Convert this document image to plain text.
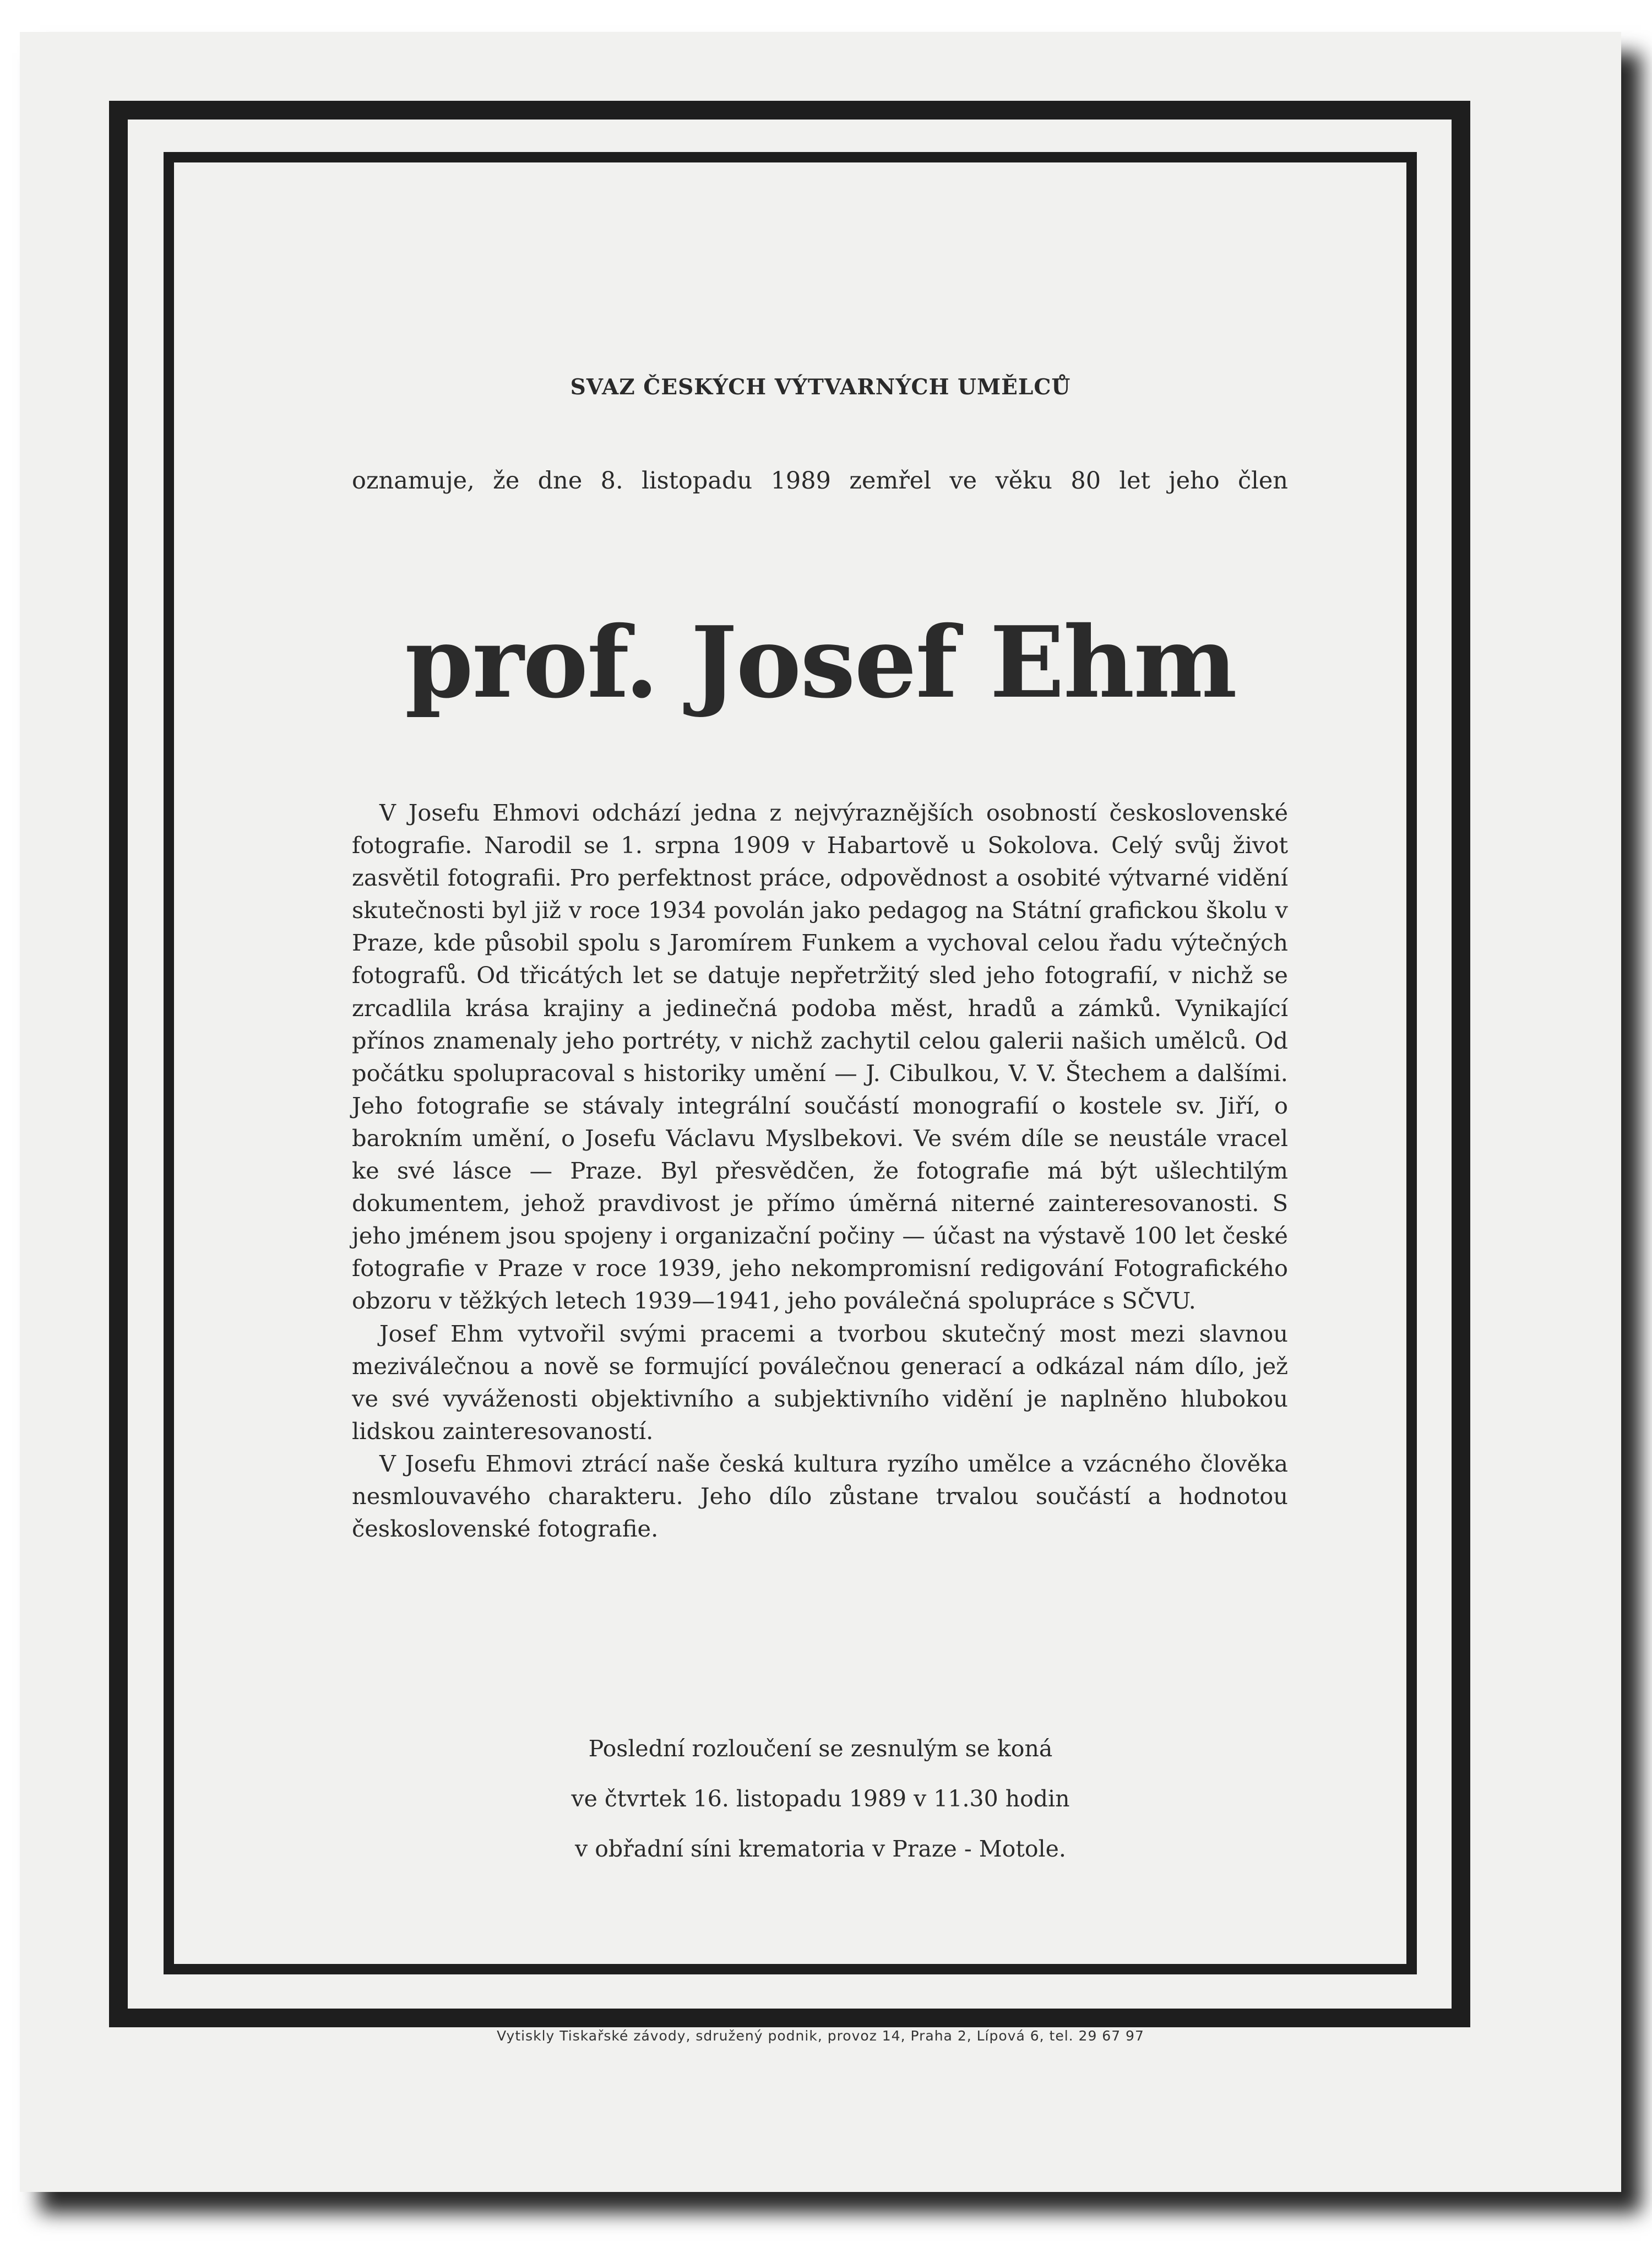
SVAZ ČESKÝCH VÝTVARNÝCH UMĚLCŮ
oznamuje, že dne 8. listopadu 1989 zemřel ve věku 80 let jeho člen
prof. Josef Ehm

V Josefu Ehmovi odchází jedna z nejvýraznějších osobností československé fotografie. Narodil se 1. srpna 1909 v Habartově u Sokolova. Celý svůj život zasvětil fotografii. Pro perfektnost práce, odpovědnost a osobité výtvarné vidění skutečnosti byl již v roce 1934 povolán jako pedagog na Státní grafickou školu v Praze, kde působil spolu s Jaromírem Funkem a vychoval celou řadu výtečných fotografů. Od třicátých let se datuje nepřetržitý sled jeho fotografií, v nichž se zrcadlila krása krajiny a jedinečná podoba měst, hradů a zámků. Vynikající přínos znamenaly jeho portréty, v nichž zachytil celou galerii našich umělců. Od počátku spolupracoval s historiky umění — J. Cibulkou, V. V. Štechem a dalšími. Jeho fotografie se stávaly integrální součástí monografií o kostele sv. Jiří, o barokním umění, o Josefu Václavu Myslbekovi. Ve svém díle se neustále vracel ke své lásce — Praze. Byl přesvědčen, že fotografie má být ušlechtilým dokumentem, jehož pravdivost je přímo úměrná niterné zainteresovanosti. S jeho jménem jsou spojeny i organizační počiny — účast na výstavě 100 let české fotografie v Praze v roce 1939, jeho nekompromisní redigování Fotografického obzoru v těžkých letech 1939—1941, jeho poválečná spolupráce s SČVU.

Josef Ehm vytvořil svými pracemi a tvorbou skutečný most mezi slavnou meziválečnou a nově se formující poválečnou generací a odkázal nám dílo, jež ve své vyváženosti objektivního a subjektivního vidění je naplněno hlubokou lidskou zainteresovaností.

V Josefu Ehmovi ztrácí naše česká kultura ryzího umělce a vzácného člověka nesmlouvavého charakteru. Jeho dílo zůstane trvalou součástí a hodnotou československé fotografie.

Poslední rozloučení se zesnulým se koná
ve čtvrtek 16. listopadu 1989 v 11.30 hodin
v obřadní síni krematoria v Praze - Motole.
Vytiskly Tiskařské závody, sdružený podnik, provoz 14, Praha 2, Lípová 6, tel. 29 67 97
